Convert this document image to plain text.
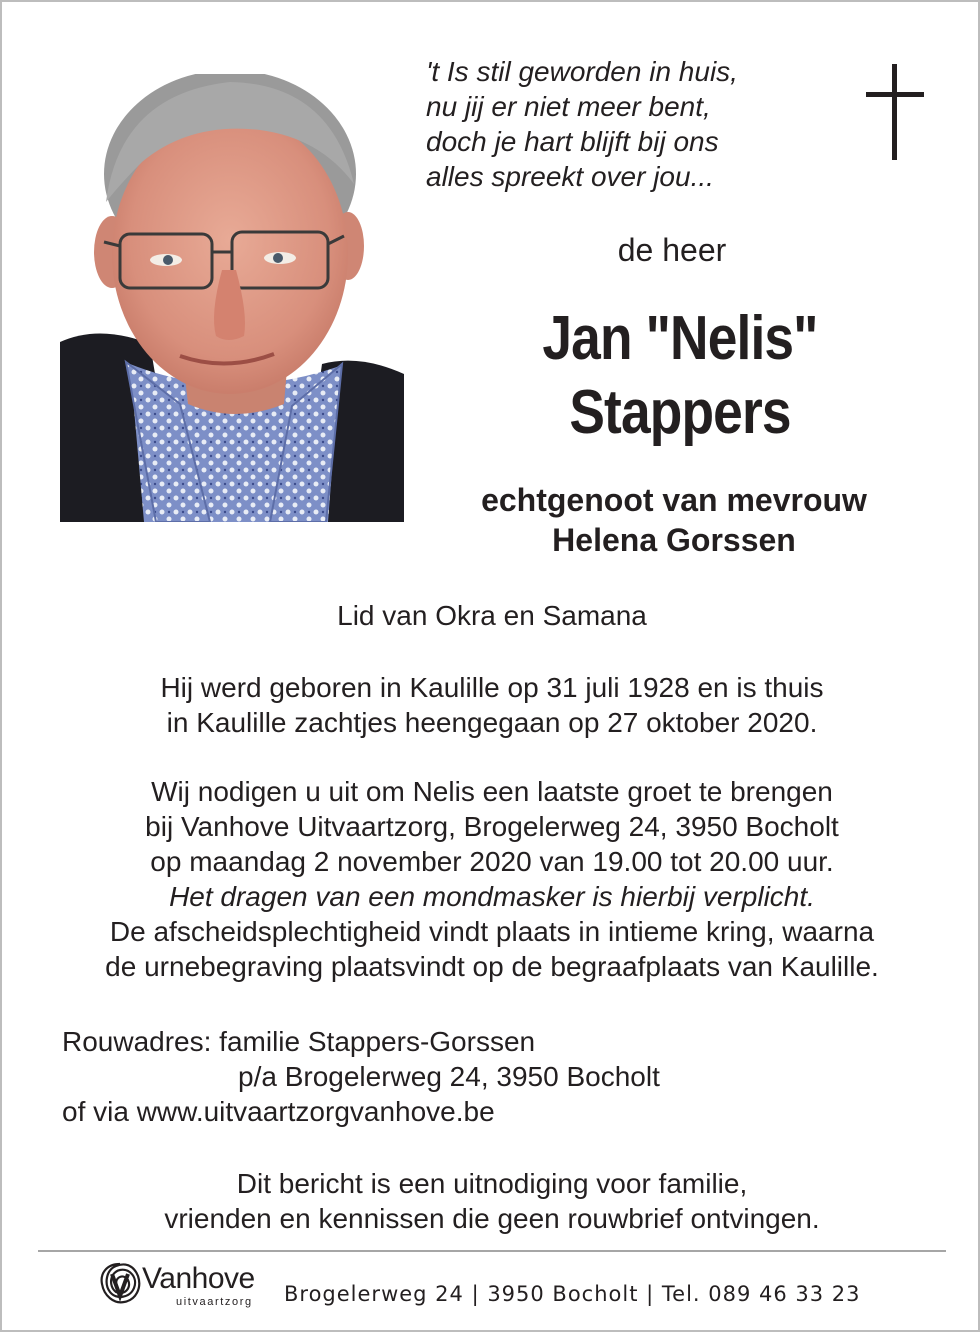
't Is stil geworden in huis,
nu jij er niet meer bent,
doch je hart blijft bij ons
alles spreekt over jou...
de heer
Jan "Nelis"
Stappers
echtgenoot van mevrouw
Helena Gorssen
Lid van Okra en Samana
Hij werd geboren in Kaulille op 31 juli 1928 en is thuis
in Kaulille zachtjes heengegaan op 27 oktober 2020.
Wij nodigen u uit om Nelis een laatste groet te brengen
bij Vanhove Uitvaartzorg, Brogelerweg 24, 3950 Bocholt
op maandag 2 november 2020 van 19.00 tot 20.00 uur.
Het dragen van een mondmasker is hierbij verplicht.
De afscheidsplechtigheid vindt plaats in intieme kring, waarna
de urnebegraving plaatsvindt op de begraafplaats van Kaulille.
Rouwadres: familie Stappers-Gorssen
p/a Brogelerweg 24, 3950 Bocholt
of via www.uitvaartzorgvanhove.be
Dit bericht is een uitnodiging voor familie,
vrienden en kennissen die geen rouwbrief ontvingen.
Vanhove
uitvaartzorg Brogelerweg 24 | 3950 Bocholt | Tel. 089 46 33 23
